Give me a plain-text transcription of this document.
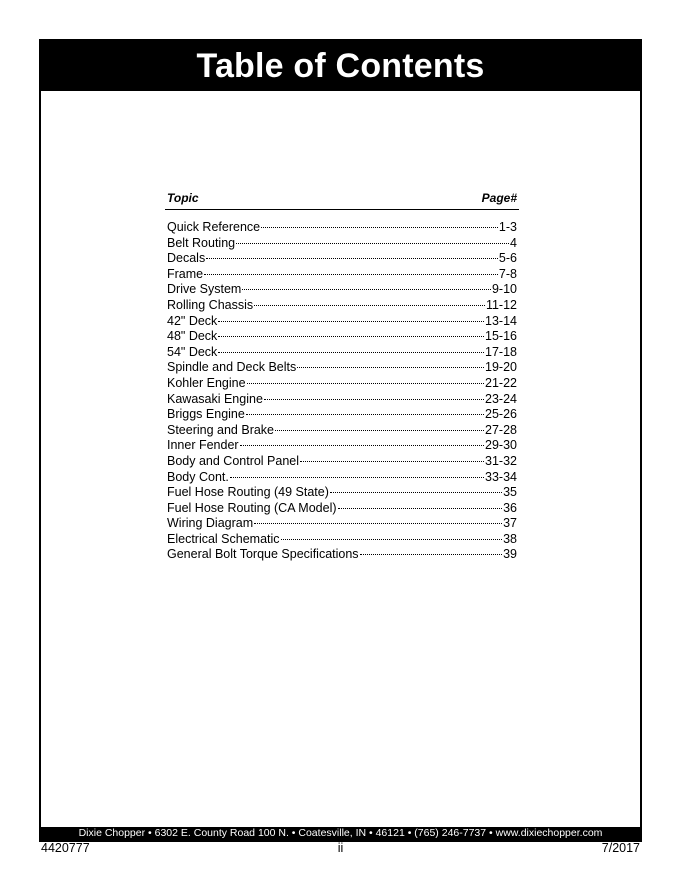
Table of Contents
Topic	Page#
Quick Reference	1-3
Belt Routing	4
Decals	5-6
Frame	7-8
Drive System	9-10
Rolling Chassis	11-12
42" Deck	13-14
48" Deck	15-16
54" Deck	17-18
Spindle and Deck Belts	19-20
Kohler Engine	21-22
Kawasaki Engine	23-24
Briggs Engine	25-26
Steering and Brake	27-28
Inner Fender	29-30
Body and Control Panel	31-32
Body Cont.	33-34
Fuel Hose Routing (49 State)	35
Fuel Hose Routing (CA Model)	36
Wiring Diagram	37
Electrical Schematic	38
General Bolt Torque Specifications	39
Dixie Chopper • 6302 E. County Road 100 N. • Coatesville, IN • 46121 • (765) 246-7737 • www.dixiechopper.com
4420777	ii	7/2017
